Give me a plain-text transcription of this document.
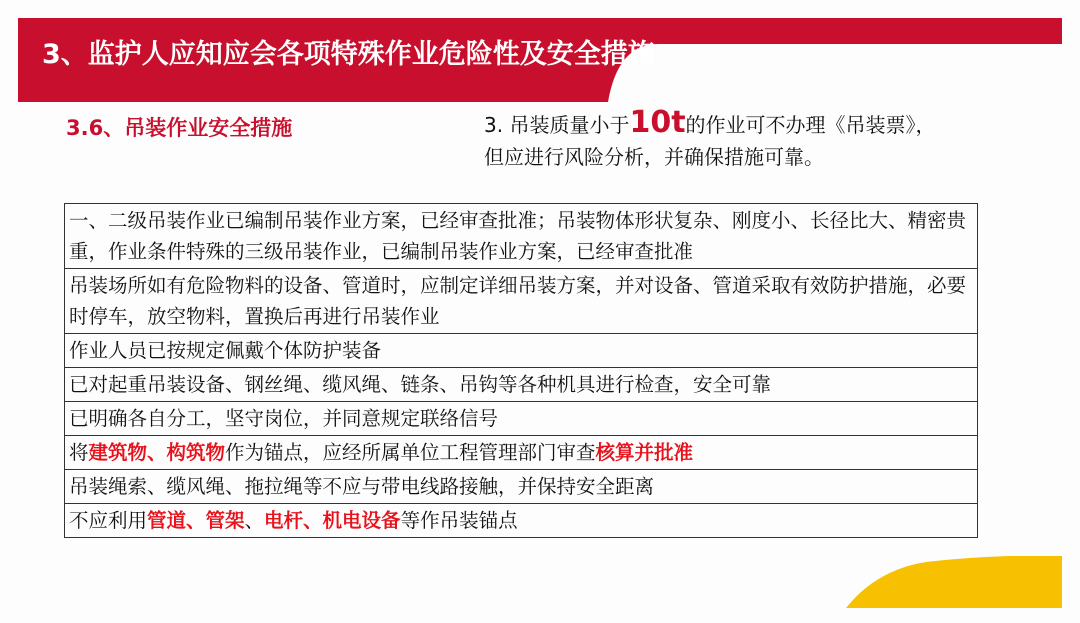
3、监护人应知应会各项特殊作业危险性及安全措施
3.6、吊装作业安全措施	3. 吊装质量小于10t的作业可不办理《吊装票》，
但应进行风险分析，并确保措施可靠。
一、二级吊装作业已编制吊装作业方案，已经审查批准；吊装物体形状复杂、刚度小、长径比大、精密贵重，作业条件特殊的三级吊装作业，已编制吊装作业方案，已经审查批准
吊装场所如有危险物料的设备、管道时，应制定详细吊装方案，并对设备、管道采取有效防护措施，必要时停车，放空物料，置换后再进行吊装作业
作业人员已按规定佩戴个体防护装备
已对起重吊装设备、钢丝绳、缆风绳、链条、吊钩等各种机具进行检查，安全可靠
已明确各自分工，坚守岗位，并同意规定联络信号
将建筑物、构筑物作为锚点，应经所属单位工程管理部门审查核算并批准
吊装绳索、缆风绳、拖拉绳等不应与带电线路接触，并保持安全距离
不应利用管道、管架、电杆、机电设备等作吊装锚点
